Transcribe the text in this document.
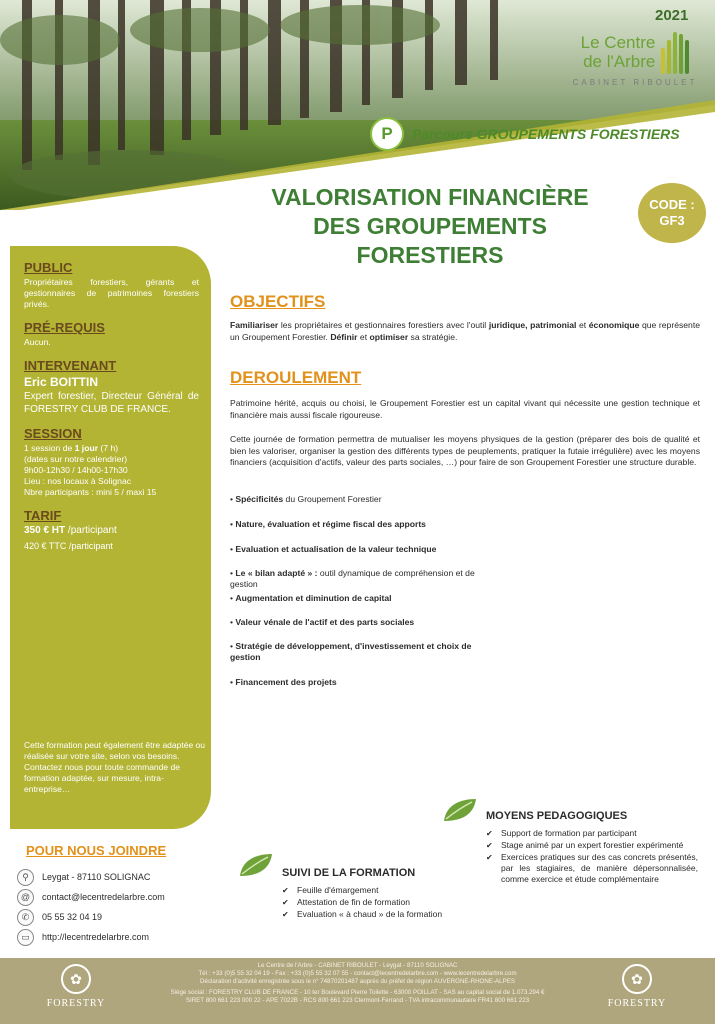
2021
Le Centre
de l'Arbre
CABINET RIBOULET
P Parcours GROUPEMENTS FORESTIERS
VALORISATION FINANCIÈRE
DES GROUPEMENTS
FORESTIERS
CODE :
GF3
PUBLIC
Propriétaires forestiers, gérants et gestionnaires de patrimoines forestiers privés.
PRÉ-REQUIS
Aucun.
INTERVENANT
Eric BOITTIN
Expert forestier, Directeur Général de FORESTRY CLUB DE FRANCE.
SESSION
1 session de 1 jour (7 h)
(dates sur notre calendrier)
9h00-12h30 / 14h00-17h30
Lieu : nos locaux à Solignac
Nbre participants : mini 5 / maxi 15
TARIF
350 € HT /participant
420 € TTC /participant
Cette formation peut également être adaptée ou réalisée sur votre site, selon vos besoins. Contactez nous pour toute commande de formation adaptée, sur mesure, intra-entreprise…
OBJECTIFS
Familiariser les propriétaires et gestionnaires forestiers avec l'outil juridique, patrimonial et économique que représente un Groupement Forestier. Définir et optimiser sa stratégie.
DEROULEMENT
Patrimoine hérité, acquis ou choisi, le Groupement Forestier est un capital vivant qui nécessite une gestion technique et financière mais aussi fiscale rigoureuse.
Cette journée de formation permettra de mutualiser les moyens physiques de la gestion (préparer des bois de qualité et bien les valoriser, organiser la gestion des différents types de peuplements, pratiquer la futaie irrégulière) avec les moyens financiers (acquisition d'actifs, valeur des parts sociales, …) pour faire de son Groupement Forestier une structure durable.
• Spécificités du Groupement Forestier
• Nature, évaluation et régime fiscal des apports
• Evaluation et actualisation de la valeur technique
• Le « bilan adapté » : outil dynamique de compréhension et de gestion
• Augmentation et diminution de capital
• Valeur vénale de l'actif et des parts sociales
• Stratégie de développement, d'investissement et choix de gestion
• Financement des projets
MOYENS PEDAGOGIQUES
✔ Support de formation par participant
✔ Stage animé par un expert forestier expérimenté
✔ Exercices pratiques sur des cas concrets présentés, par les stagiaires, de manière dépersonnalisée, comme exercice et étude complémentaire
SUIVI DE LA FORMATION
✔ Feuille d'émargement
✔ Attestation de fin de formation
✔ Evaluation « à chaud » de la formation
POUR NOUS JOINDRE
⚲	Leygat - 87110 SOLIGNAC
@	contact@lecentredelarbre.com
✆	05 55 32 04 19
▭	http://lecentredelarbre.com
✿
FORESTRY
Le Centre de l'Arbre - CABINET RIBOULET - Leygat - 87110 SOLIGNAC
Tél : +33 (0)5 55 32 04 19 - Fax : +33 (0)5 55 32 07 55 - contact@lecentredelarbre.com - www.lecentredelarbre.com
Déclaration d'activité enregistrée sous le n° 74870201487 auprès du préfet de région AUVERGNE-RHONE-ALPES
Siège social : FORESTRY CLUB DE FRANCE - 10 ter Boulevard Pierre Toilette - 63000 POILLAT - SAS au capital social de 1.073.294 €
SIRET 800 661 223 000 22 - APE 7022B - RCS 800 661 223 Clermont-Ferrand - TVA intracommunautaire FR41 800 661 223
✿
FORESTRY
